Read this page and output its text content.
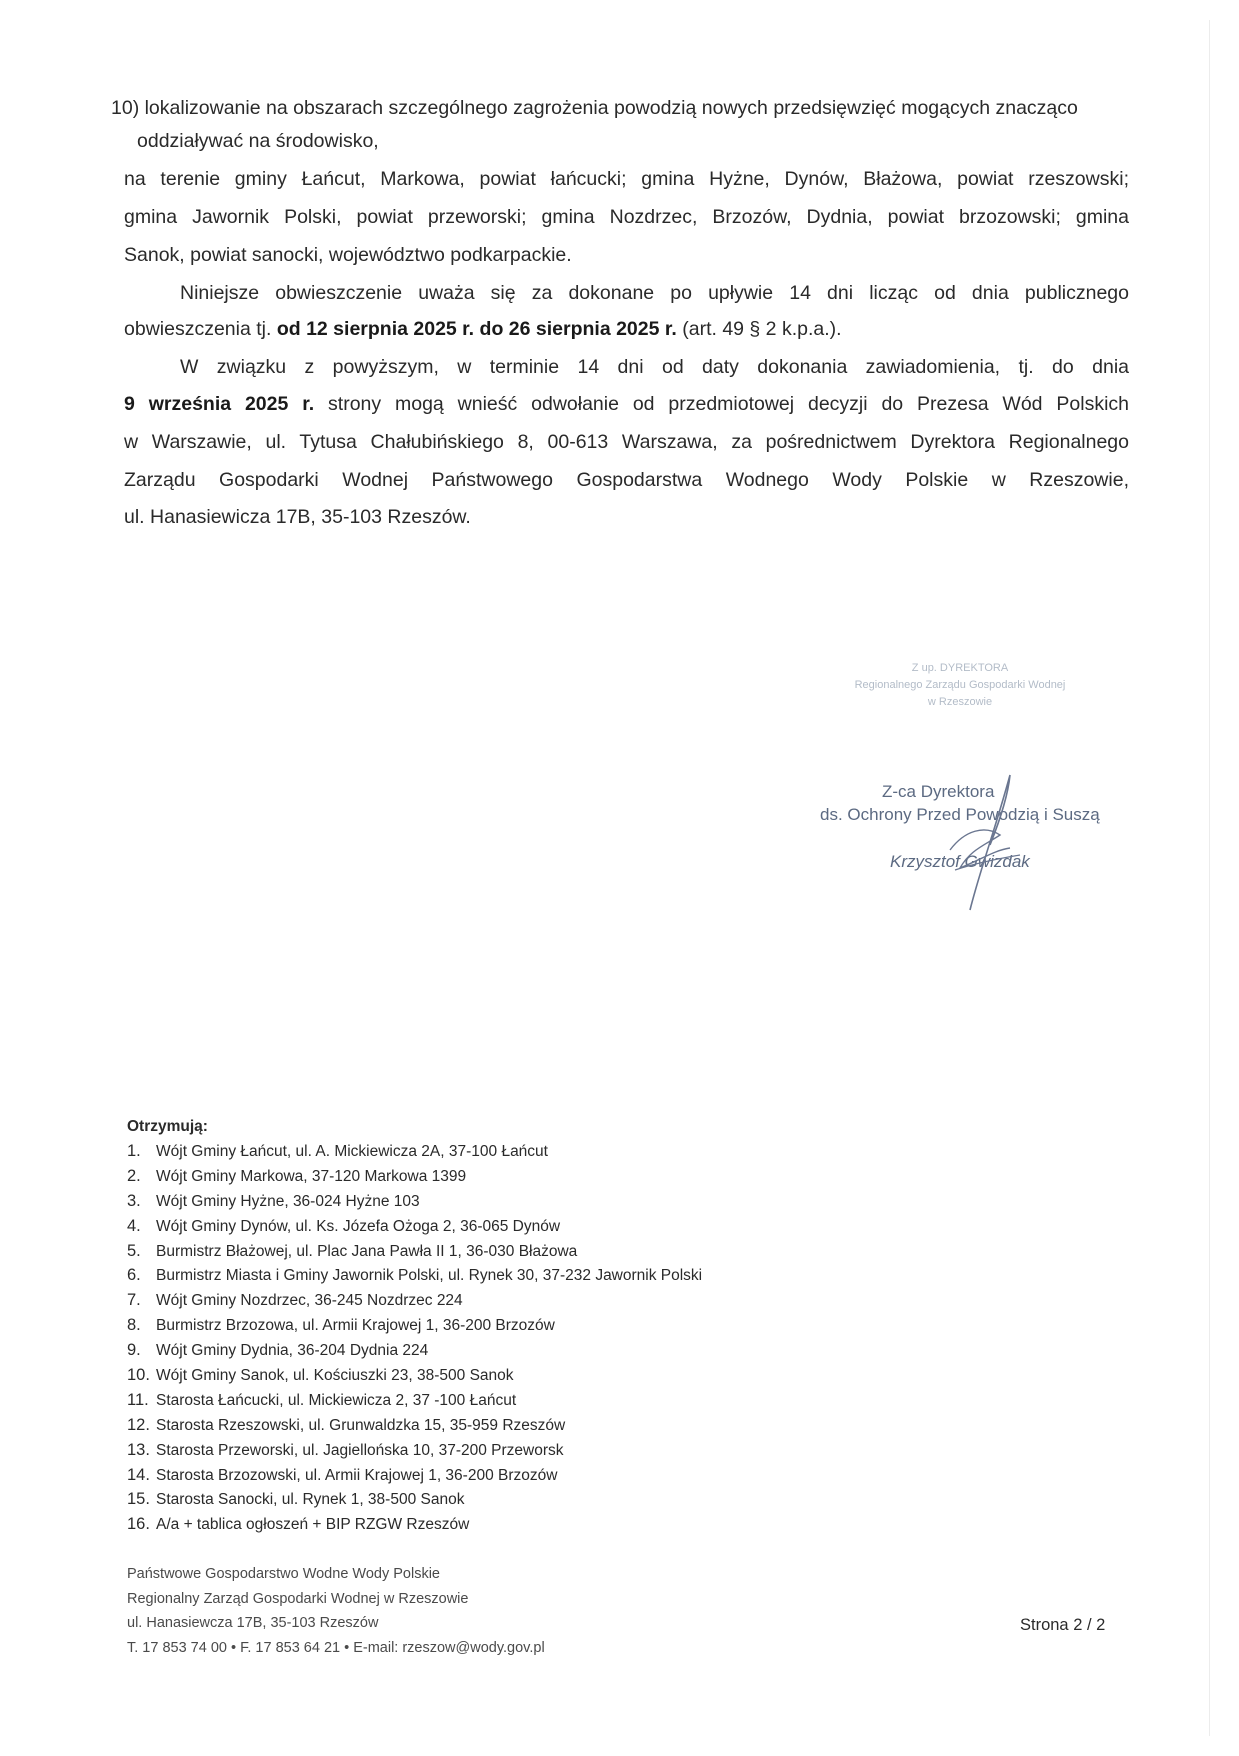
10) lokalizowanie na obszarach szczególnego zagrożenia powodzią nowych przedsięwzięć mogących znacząco
oddziaływać na środowisko,
na terenie gminy Łańcut, Markowa, powiat łańcucki; gmina Hyżne, Dynów, Błażowa, powiat rzeszowski;
gmina Jawornik Polski, powiat przeworski; gmina Nozdrzec, Brzozów, Dydnia, powiat brzozowski; gmina
Sanok, powiat sanocki, województwo podkarpackie.
Niniejsze obwieszczenie uważa się za dokonane po upływie 14 dni licząc od dnia publicznego
obwieszczenia tj. od 12 sierpnia 2025 r. do 26 sierpnia 2025 r. (art. 49 § 2 k.p.a.).
W związku z powyższym, w terminie 14 dni od daty dokonania zawiadomienia, tj. do dnia
9 września 2025 r. strony mogą wnieść odwołanie od przedmiotowej decyzji do Prezesa Wód Polskich
w Warszawie, ul. Tytusa Chałubińskiego 8, 00-613 Warszawa, za pośrednictwem Dyrektora Regionalnego
Zarządu Gospodarki Wodnej Państwowego Gospodarstwa Wodnego Wody Polskie w Rzeszowie,
ul. Hanasiewicza 17B, 35-103 Rzeszów.
Z up. DYREKTORA
Regionalnego Zarządu Gospodarki Wodnej
w Rzeszowie
Z-ca Dyrektora
ds. Ochrony Przed Powodzią i Suszą
Krzysztof Gwizdak
Otrzymują:
1. Wójt Gminy Łańcut, ul. A. Mickiewicza 2A, 37-100 Łańcut
2. Wójt Gminy Markowa, 37-120 Markowa 1399
3. Wójt Gminy Hyżne, 36-024 Hyżne 103
4. Wójt Gminy Dynów, ul. Ks. Józefa Ożoga 2, 36-065 Dynów
5. Burmistrz Błażowej, ul. Plac Jana Pawła II 1, 36-030 Błażowa
6. Burmistrz Miasta i Gminy Jawornik Polski, ul. Rynek 30, 37-232 Jawornik Polski
7. Wójt Gminy Nozdrzec, 36-245 Nozdrzec 224
8. Burmistrz Brzozowa, ul. Armii Krajowej 1, 36-200 Brzozów
9. Wójt Gminy Dydnia, 36-204 Dydnia 224
10. Wójt Gminy Sanok, ul. Kościuszki 23, 38-500 Sanok
11. Starosta Łańcucki, ul. Mickiewicza 2, 37 -100 Łańcut
12. Starosta Rzeszowski, ul. Grunwaldzka 15, 35-959 Rzeszów
13. Starosta Przeworski, ul. Jagiellońska 10, 37-200 Przeworsk
14. Starosta Brzozowski, ul. Armii Krajowej 1, 36-200 Brzozów
15. Starosta Sanocki, ul. Rynek 1, 38-500 Sanok
16. A/a + tablica ogłoszeń + BIP RZGW Rzeszów
Państwowe Gospodarstwo Wodne Wody Polskie
Regionalny Zarząd Gospodarki Wodnej w Rzeszowie
ul. Hanasiewcza 17B, 35-103 Rzeszów
T. 17 853 74 00 • F. 17 853 64 21 • E-mail: rzeszow@wody.gov.pl
Strona 2 / 2
